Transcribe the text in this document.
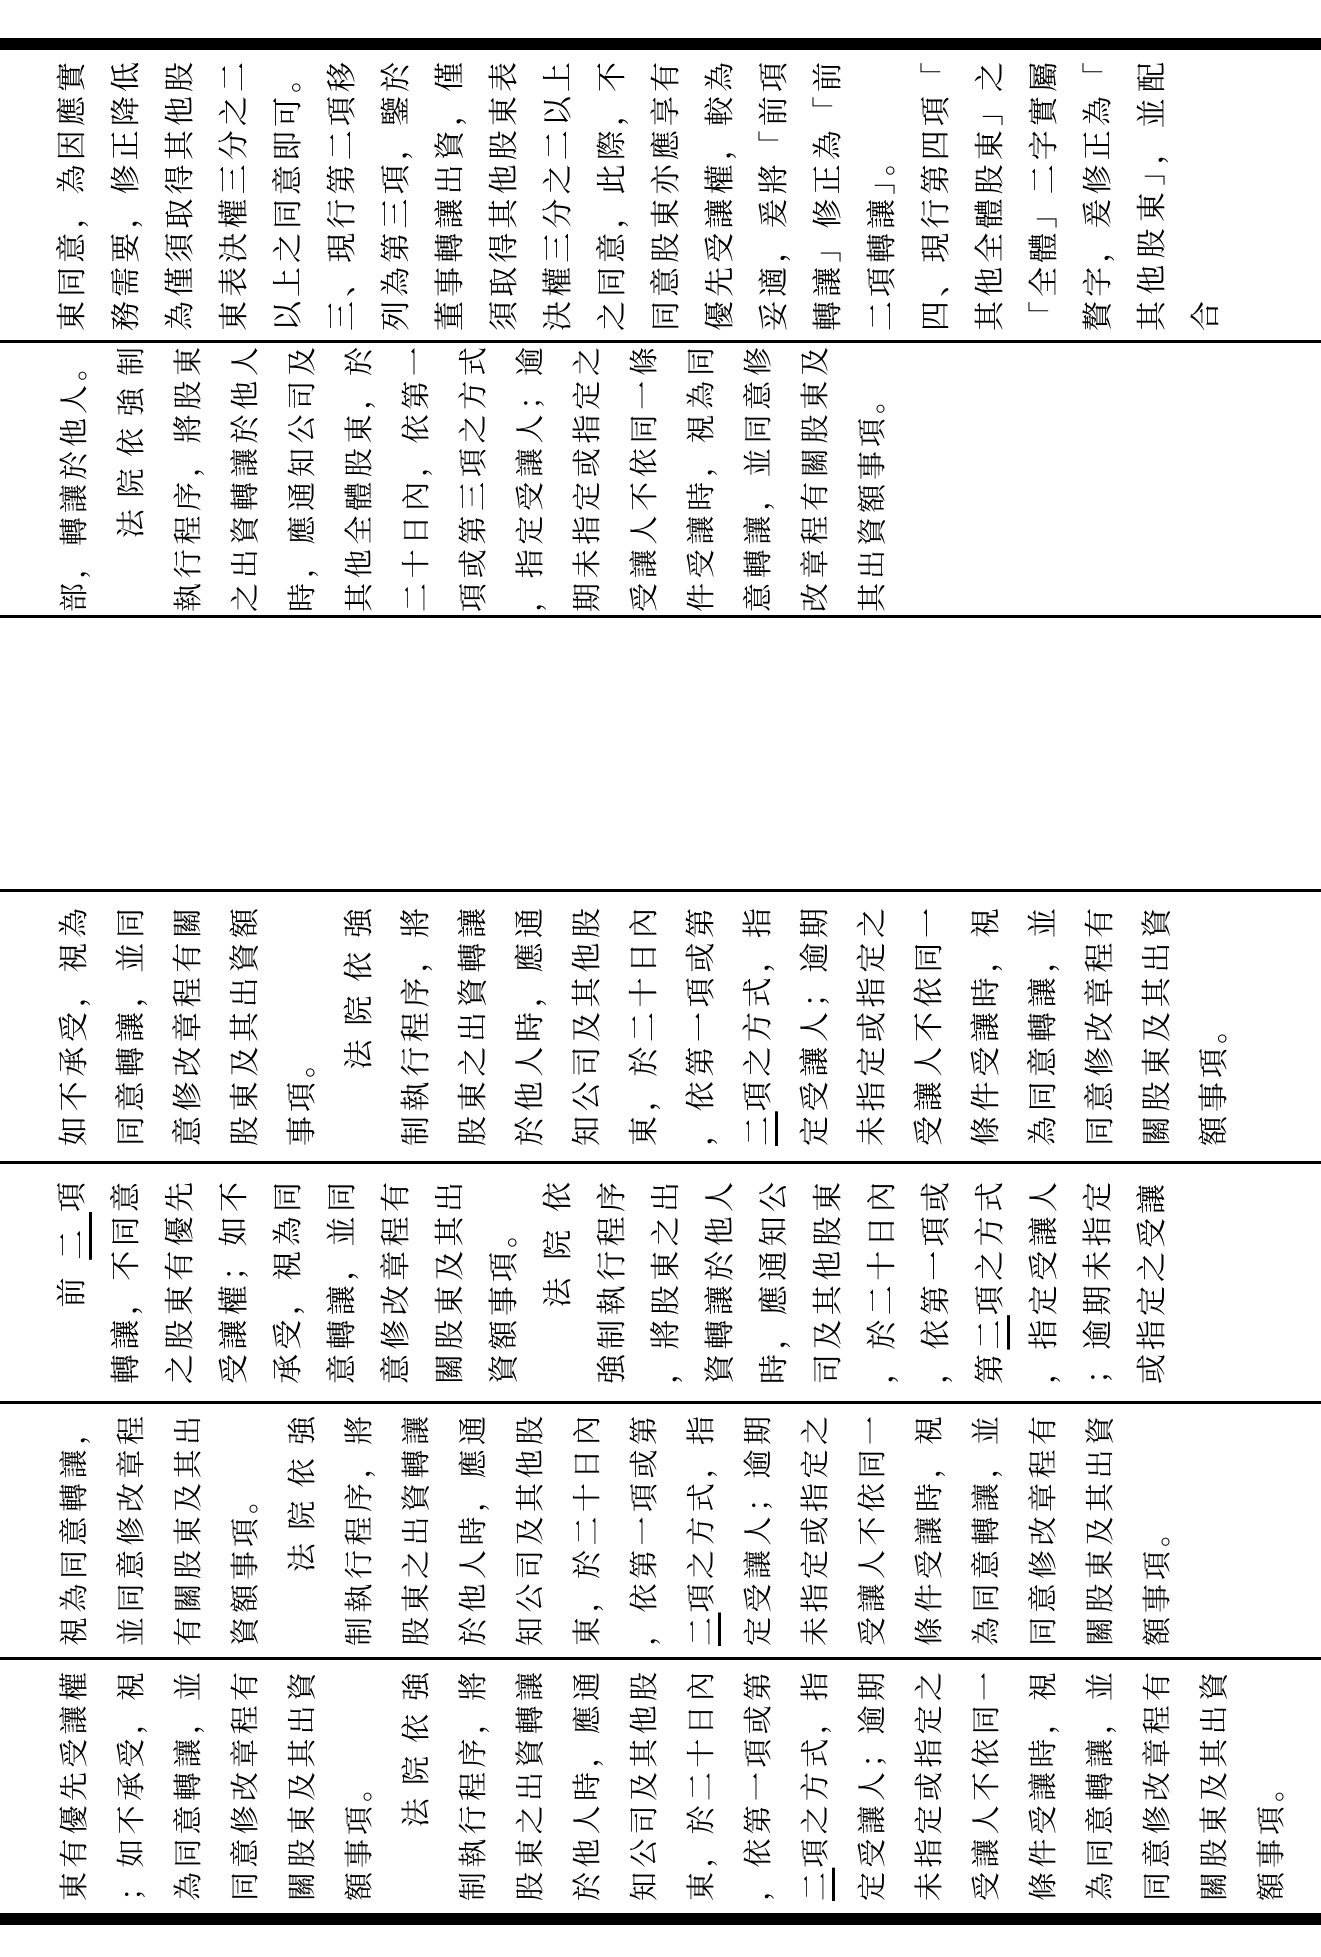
東同意，為因應實務需要，修正降低為僅須取得其他股東表決權三分之二以上之同意即可。 三、現行第二項移列為第三項，鑒於董事轉讓出資，僅須取得其他股東表決權三分之二以上之同意，此際，不同意股東亦應享有優先受讓權，較為妥適，爰將「前項轉讓」修正為「前二項轉讓」。 四、現行第四項「其他全體股東」之「全體」二字實屬贅字，爰修正為「其他股東」，並配合

部，轉讓於他人。 法院依強制執行程序，將股東之出資轉讓於他人時，應通知公司及其他全體股東，於二十日內，依第一項或第三項之方式，指定受讓人；逾期未指定或指定之受讓人不依同一條件受讓時，視為同意轉讓，並同意修改章程有關股東及其出資額事項。

如不承受，視為同意轉讓，並同意修改章程有關股東及其出資額事項。

法院依強制執行程序，將股東之出資轉讓於他人時，應通知公司及其他股東，於二十日內，依第一項或第 二項之方式，指定受讓人；逾期未指定或指定之受讓人不依同一條件受讓時，視為同意轉讓，並同意修改章程有關股東及其出資額事項。

前二項轉讓，不同意之股東有優先受讓權；如不承受，視為同意轉讓，並同意修改章程有關股東及其出資額事項。 法院依強制執行程序，將股東之出資轉讓於他人時，應通知公司及其他股東，於二十日內，依第一項或第二項之方式，指定受讓人；逾期未指定或指定之受讓

視為同意轉讓，並同意修改章程有關股東及其出資額事項。 法院依強制執行程序，將股東之出資轉讓於他人時，應通知公司及其他股東，於二十日內，依第一項或第 二項之方式，指定受讓人；逾期未指定或指定之受讓人不依同一條件受讓時，視為同意轉讓，並同意修改章程有關股東及其出資額事項。

東有優先受讓權；如不承受，視為同意轉讓，並同意修改章程有關股東及其出資額事項。

法院依強制執行程序，將股東之出資轉讓於他人時，應通知公司及其他股東，於二十日內，依第一項或第 二項之方式，指定受讓人；逾期未指定或指定之受讓人不依同一條件受讓時，視為同意轉讓，並同意修改章程有關股東及其出資額事項。
